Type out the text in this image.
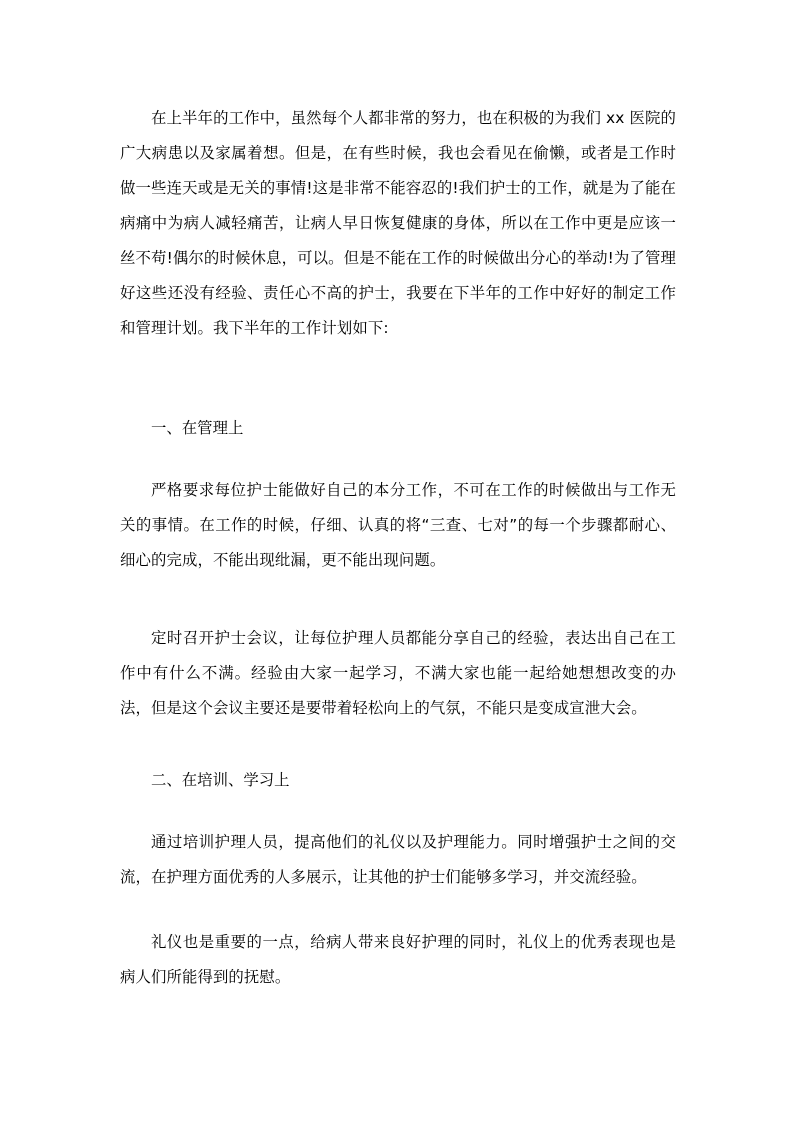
在上半年的工作中，虽然每个人都非常的努力，也在积极的为我们 xx 医院的广大病患以及家属着想。但是，在有些时候，我也会看见在偷懒，或者是工作时做一些连天或是无关的事情!这是非常不能容忍的!我们护士的工作，就是为了能在病痛中为病人减轻痛苦，让病人早日恢复健康的身体，所以在工作中更是应该一丝不苟!偶尔的时候休息，可以。但是不能在工作的时候做出分心的举动!为了管理好这些还没有经验、责任心不高的护士，我要在下半年的工作中好好的制定工作和管理计划。我下半年的工作计划如下:

一、在管理上

严格要求每位护士能做好自己的本分工作，不可在工作的时候做出与工作无关的事情。在工作的时候，仔细、认真的将“三查、七对”的每一个步骤都耐心、细心的完成，不能出现纰漏，更不能出现问题。

定时召开护士会议，让每位护理人员都能分享自己的经验，表达出自己在工作中有什么不满。经验由大家一起学习，不满大家也能一起给她想想改变的办法，但是这个会议主要还是要带着轻松向上的气氛，不能只是变成宣泄大会。

二、在培训、学习上

通过培训护理人员，提高他们的礼仪以及护理能力。同时增强护士之间的交流，在护理方面优秀的人多展示，让其他的护士们能够多学习，并交流经验。

礼仪也是重要的一点，给病人带来良好护理的同时，礼仪上的优秀表现也是病人们所能得到的抚慰。
